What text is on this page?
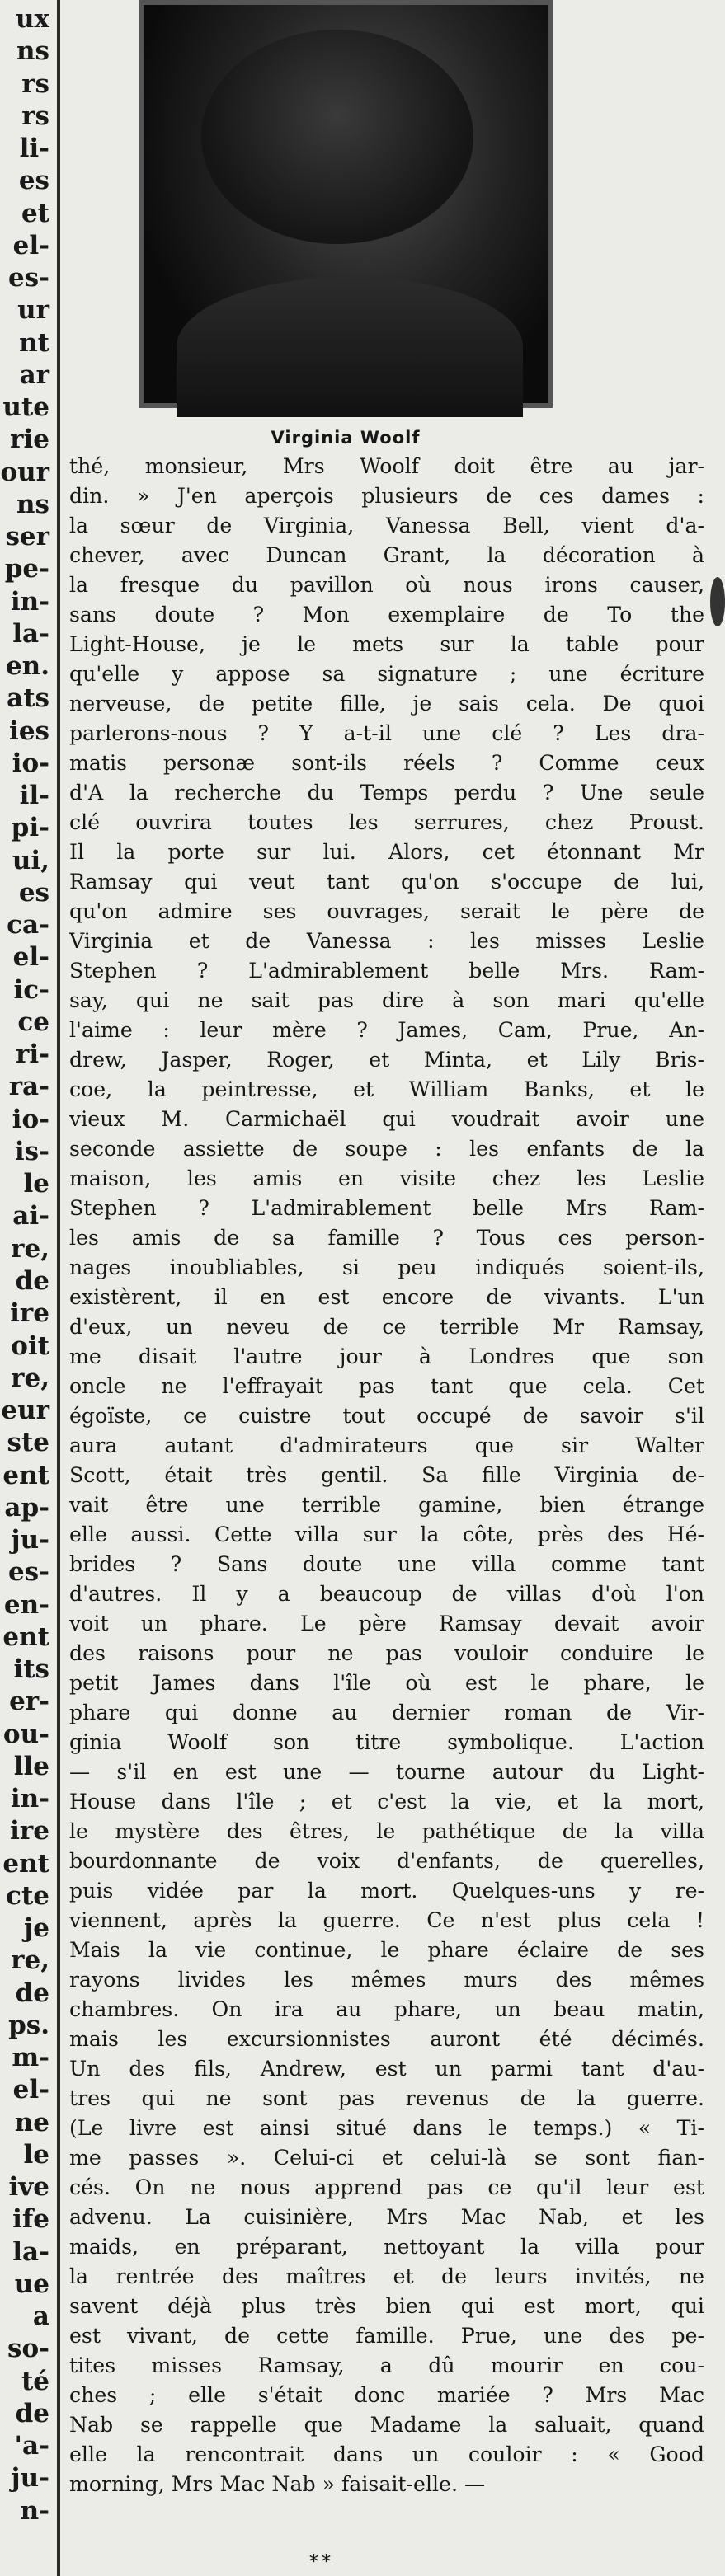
ux
ns
rs
rs
li-
es
et
el-
es-
ur
nt
ar
ute
rie
our
ns
ser
pe-
in-
la-
en.
ats
ies
io-
il-
pi-
ui,
es
ca-
el-
ic-
ce
ri-
ra-
io-
is-
le
ai-
re,
de
ire
oit
re,
eur
ste
ent
ap-
ju-
es-
en-
ent
its
er-
ou-
lle
in-
ire
ent
cte
je
re,
de
ps.
m-
el-
ne
le
ive
ife
la-
ue
a
so-
té
de
'a-
ju-
n-
Virginia Woolf
thé, monsieur, Mrs Woolf doit être au jar-
din. » J'en aperçois plusieurs de ces dames :
la sœur de Virginia, Vanessa Bell, vient d'a-
chever, avec Duncan Grant, la décoration à
la fresque du pavillon où nous irons causer,
sans doute ? Mon exemplaire de To the
Light-House, je le mets sur la table pour
qu'elle y appose sa signature ; une écriture
nerveuse, de petite fille, je sais cela. De quoi
parlerons-nous ? Y a-t-il une clé ? Les dra-
matis personæ sont-ils réels ? Comme ceux
d'A la recherche du Temps perdu ? Une seule
clé ouvrira toutes les serrures, chez Proust.
Il la porte sur lui. Alors, cet étonnant Mr
Ramsay qui veut tant qu'on s'occupe de lui,
qu'on admire ses ouvrages, serait le père de
Virginia et de Vanessa : les misses Leslie
Stephen ? L'admirablement belle Mrs. Ram-
say, qui ne sait pas dire à son mari qu'elle
l'aime : leur mère ? James, Cam, Prue, An-
drew, Jasper, Roger, et Minta, et Lily Bris-
coe, la peintresse, et William Banks, et le
vieux M. Carmichaël qui voudrait avoir une
seconde assiette de soupe : les enfants de la
maison, les amis en visite chez les Leslie
Stephen ? L'admirablement belle Mrs Ram-
les amis de sa famille ? Tous ces person-
nages inoubliables, si peu indiqués soient-ils,
existèrent, il en est encore de vivants. L'un
d'eux, un neveu de ce terrible Mr Ramsay,
me disait l'autre jour à Londres que son
oncle ne l'effrayait pas tant que cela. Cet
égoïste, ce cuistre tout occupé de savoir s'il
aura autant d'admirateurs que sir Walter
Scott, était très gentil. Sa fille Virginia de-
vait être une terrible gamine, bien étrange
elle aussi. Cette villa sur la côte, près des Hé-
brides ? Sans doute une villa comme tant
d'autres. Il y a beaucoup de villas d'où l'on
voit un phare. Le père Ramsay devait avoir
des raisons pour ne pas vouloir conduire le
petit James dans l'île où est le phare, le
phare qui donne au dernier roman de Vir-
ginia Woolf son titre symbolique. L'action
— s'il en est une — tourne autour du Light-
House dans l'île ; et c'est la vie, et la mort,
le mystère des êtres, le pathétique de la villa
bourdonnante de voix d'enfants, de querelles,
puis vidée par la mort. Quelques-uns y re-
viennent, après la guerre. Ce n'est plus cela !
Mais la vie continue, le phare éclaire de ses
rayons livides les mêmes murs des mêmes
chambres. On ira au phare, un beau matin,
mais les excursionnistes auront été décimés.
Un des fils, Andrew, est un parmi tant d'au-
tres qui ne sont pas revenus de la guerre.
(Le livre est ainsi situé dans le temps.) « Ti-
me passes ». Celui-ci et celui-là se sont fian-
cés. On ne nous apprend pas ce qu'il leur est
advenu. La cuisinière, Mrs Mac Nab, et les
maids, en préparant, nettoyant la villa pour
la rentrée des maîtres et de leurs invités, ne
savent déjà plus très bien qui est mort, qui
est vivant, de cette famille. Prue, une des pe-
tites misses Ramsay, a dû mourir en cou-
ches ; elle s'était donc mariée ? Mrs Mac
Nab se rappelle que Madame la saluait, quand
elle la rencontrait dans un couloir : « Good
morning, Mrs Mac Nab » faisait-elle. —
**
